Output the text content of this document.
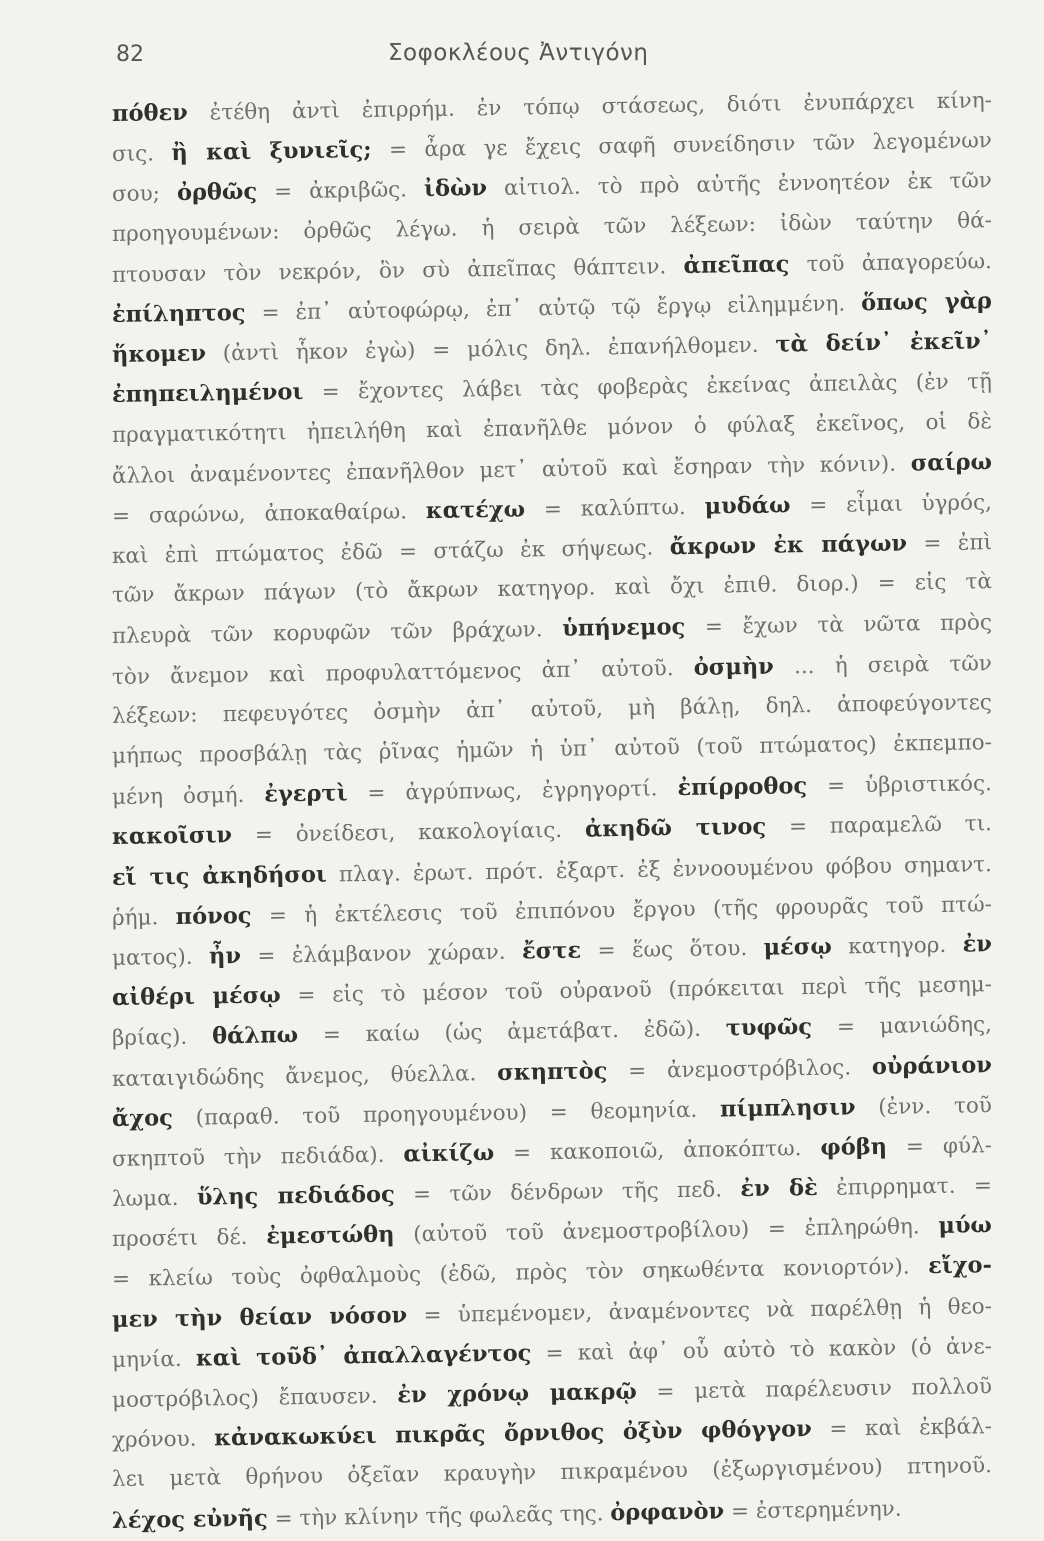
82	Σοφοκλέους Ἀντιγόνη
πόθεν ἐτέθη ἀντὶ ἐπιρρήμ. ἐν τόπῳ στάσεως, διότι ἐνυπάρχει κίνη-
σις. ἢ καὶ ξυνιεῖς; = ἆρα γε ἔχεις σαφῆ συνείδησιν τῶν λεγομένων
σου; ὀρθῶς = ἀκριβῶς. ἰδὼν αἰτιολ. τὸ πρὸ αὐτῆς ἐννοητέον ἐκ τῶν
προηγουμένων: ὀρθῶς λέγω. ἡ σειρὰ τῶν λέξεων: ἰδὼν ταύτην θά-
πτουσαν τὸν νεκρόν, ὃν σὺ ἀπεῖπας θάπτειν. ἀπεῖπας τοῦ ἀπαγορεύω.
ἐπίληπτος = ἐπ᾽ αὐτοφώρῳ, ἐπ᾽ αὐτῷ τῷ ἔργῳ εἰλημμένη. ὅπως γὰρ
ἥκομεν (ἀντὶ ἧκον ἐγὼ) = μόλις δηλ. ἐπανήλθομεν. τὰ δείν᾽ ἐκεῖν᾽
ἐπηπειλημένοι = ἔχοντες λάβει τὰς φοβερὰς ἐκείνας ἀπειλὰς (ἐν τῇ
πραγματικότητι ἠπειλήθη καὶ ἐπανῆλθε μόνον ὁ φύλαξ ἐκεῖνος, οἱ δὲ
ἄλλοι ἀναμένοντες ἐπανῆλθον μετ᾽ αὐτοῦ καὶ ἔσηραν τὴν κόνιν). σαίρω
= σαρώνω, ἀποκαθαίρω. κατέχω = καλύπτω. μυδάω = εἶμαι ὑγρός,
καὶ ἐπὶ πτώματος ἐδῶ = στάζω ἐκ σήψεως. ἄκρων ἐκ πάγων = ἐπὶ
τῶν ἄκρων πάγων (τὸ ἄκρων κατηγορ. καὶ ὄχι ἐπιθ. διορ.) = εἰς τὰ
πλευρὰ τῶν κορυφῶν τῶν βράχων. ὑπήνεμος = ἔχων τὰ νῶτα πρὸς
τὸν ἄνεμον καὶ προφυλαττόμενος ἀπ᾽ αὐτοῦ. ὀσμὴν ... ἡ σειρὰ τῶν
λέξεων: πεφευγότες ὀσμὴν ἀπ᾽ αὐτοῦ, μὴ βάλῃ, δηλ. ἀποφεύγοντες
μήπως προσβάλῃ τὰς ῥῖνας ἡμῶν ἡ ὑπ᾽ αὐτοῦ (τοῦ πτώματος) ἐκπεμπο-
μένη ὀσμή. ἐγερτὶ = ἀγρύπνως, ἐγρηγορτί. ἐπίρροθος = ὑβριστικός.
κακοῖσιν = ὀνείδεσι, κακολογίαις. ἀκηδῶ τινος = παραμελῶ τι.
εἴ τις ἀκηδήσοι πλαγ. ἐρωτ. πρότ. ἐξαρτ. ἐξ ἐννοουμένου φόβου σημαντ.
ῥήμ. πόνος = ἡ ἐκτέλεσις τοῦ ἐπιπόνου ἔργου (τῆς φρουρᾶς τοῦ πτώ-
ματος). ἦν = ἐλάμβανον χώραν. ἔστε = ἕως ὅτου. μέσῳ κατηγορ. ἐν
αἰθέρι μέσῳ = εἰς τὸ μέσον τοῦ οὐρανοῦ (πρόκειται περὶ τῆς μεσημ-
βρίας). θάλπω = καίω (ὡς ἀμετάβατ. ἐδῶ). τυφῶς = μανιώδης,
καταιγιδώδης ἄνεμος, θύελλα. σκηπτὸς = ἀνεμοστρόβιλος. οὐράνιον
ἄχος (παραθ. τοῦ προηγουμένου) = θεομηνία. πίμπλησιν (ἐνν. τοῦ
σκηπτοῦ τὴν πεδιάδα). αἰκίζω = κακοποιῶ, ἀποκόπτω. φόβη = φύλ-
λωμα. ὕλης πεδιάδος = τῶν δένδρων τῆς πεδ. ἐν δὲ ἐπιρρηματ. =
προσέτι δέ. ἐμεστώθη (αὐτοῦ τοῦ ἀνεμοστροβίλου) = ἐπληρώθη. μύω
= κλείω τοὺς ὀφθαλμοὺς (ἐδῶ, πρὸς τὸν σηκωθέντα κονιορτόν). εἴχο-
μεν τὴν θείαν νόσον = ὑπεμένομεν, ἀναμένοντες νὰ παρέλθῃ ἡ θεο-
μηνία. καὶ τοῦδ᾽ ἀπαλλαγέντος = καὶ ἀφ᾽ οὗ αὐτὸ τὸ κακὸν (ὁ ἀνε-
μοστρόβιλος) ἔπαυσεν. ἐν χρόνῳ μακρῷ = μετὰ παρέλευσιν πολλοῦ
χρόνου. κἀνακωκύει πικρᾶς ὄρνιθος ὀξὺν φθόγγον = καὶ ἐκβάλ-
λει μετὰ θρήνου ὀξεῖαν κραυγὴν πικραμένου (ἐξωργισμένου) πτηνοῦ.
λέχος εὐνῆς = τὴν κλίνην τῆς φωλεᾶς της. ὀρφανὸν = ἐστερημένην.
